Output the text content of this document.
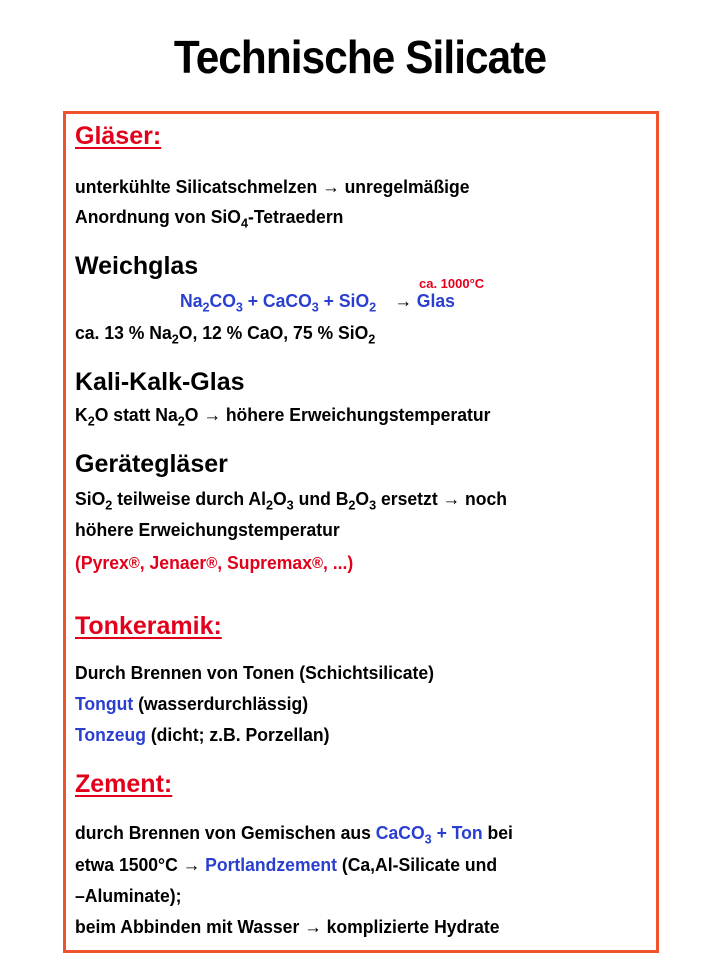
Technische Silicate
Gläser:
unterkühlte Silicatschmelzen → unregelmäßige
Anordnung von SiO$_4$-Tetraedern
Weichglas
ca. 1000°C
$Na_2CO_3$ + CaCO$_3$ + SiO$_2$ → Glas
ca. 13 % $Na_2O$, 12 % CaO, 75 % SiO$_2$
Kali-Kalk-Glas
$K_2O$ statt $Na_2O$ → höhere Erweichungstemperatur
Gerätegläser
SiO$_2$ teilweise durch $Al_2O_3$ und $B_2O_3$ ersetzt → noch
höhere Erweichungstemperatur
(Pyrex®, Jenaer®, Supremax®, ...)
Tonkeramik:
Durch Brennen von Tonen (Schichtsilicate)
Tongut (wasserdurchlässig)
Tonzeug (dicht; z.B. Porzellan)
Zement:
durch Brennen von Gemischen aus CaCO$_3$ + Ton bei
etwa 1500°C → Portlandzement (Ca,Al-Silicate und
–Aluminate);
beim Abbinden mit Wasser → komplizierte Hydrate
